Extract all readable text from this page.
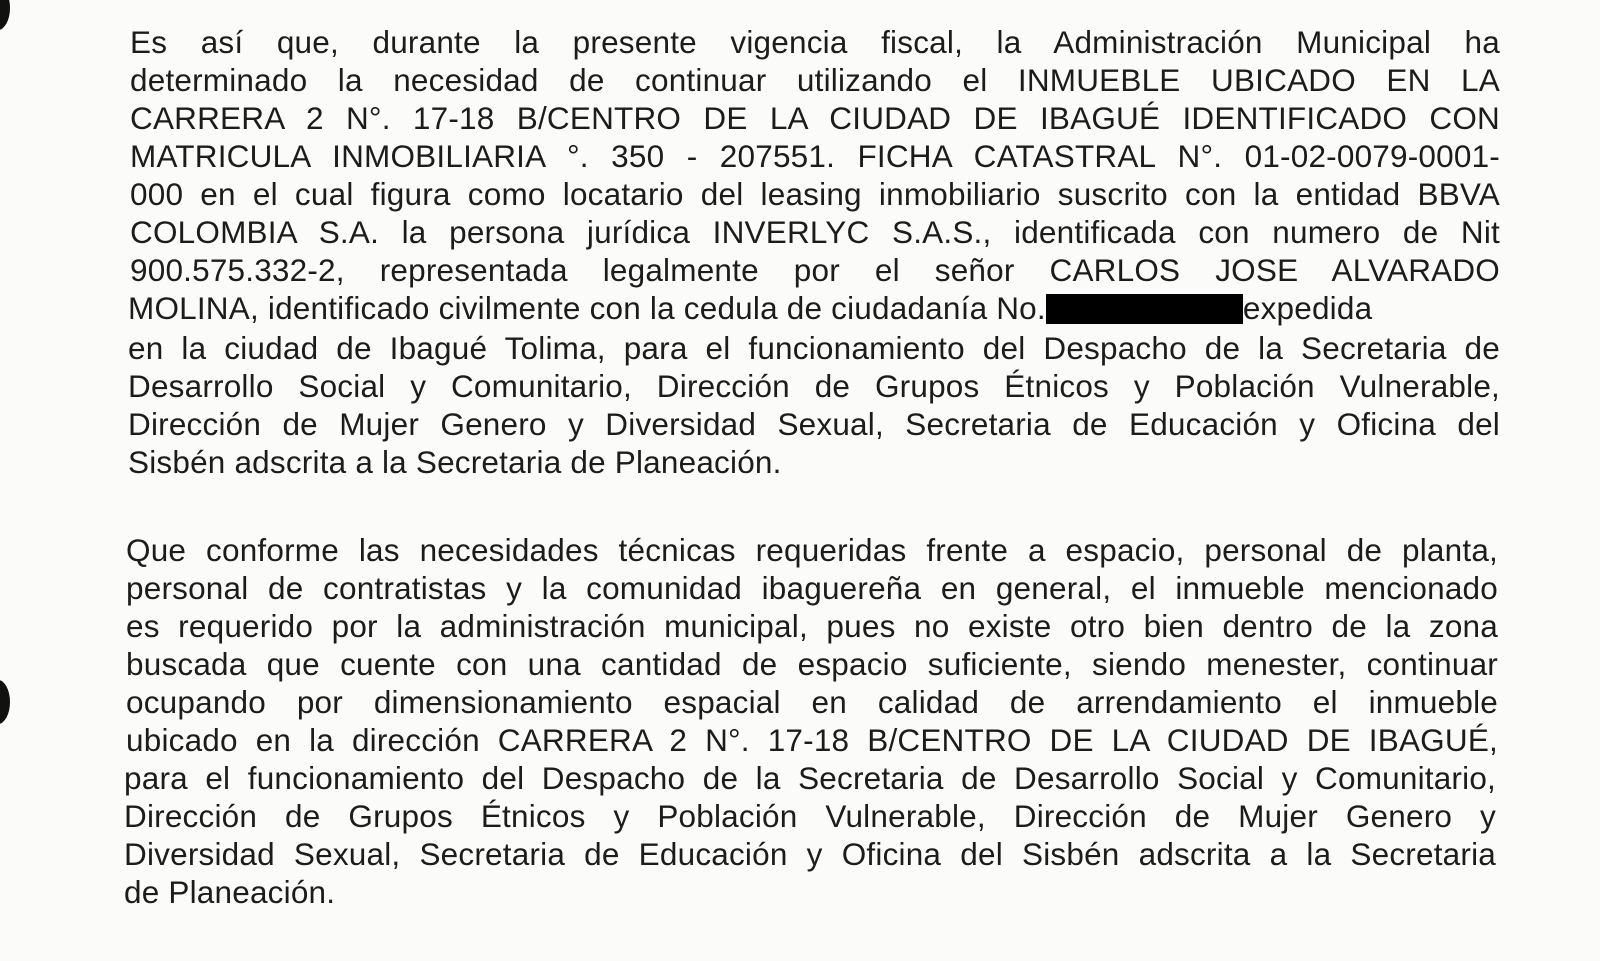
Es así que, durante la presente vigencia fiscal, la Administración Municipal ha
determinado la necesidad de continuar utilizando el INMUEBLE UBICADO EN LA
CARRERA 2 N°. 17-18 B/CENTRO DE LA CIUDAD DE IBAGUÉ IDENTIFICADO CON
MATRICULA INMOBILIARIA °. 350 - 207551. FICHA CATASTRAL N°. 01-02-0079-0001-
000 en el cual figura como locatario del leasing inmobiliario suscrito con la entidad BBVA
COLOMBIA S.A. la persona jurídica INVERLYC S.A.S., identificada con numero de Nit
900.575.332-2, representada legalmente por el señor CARLOS JOSE ALVARADO
MOLINA, identificado civilmente con la cedula de ciudadanía No.	expedida
en la ciudad de Ibagué Tolima, para el funcionamiento del Despacho de la Secretaria de
Desarrollo Social y Comunitario, Dirección de Grupos Étnicos y Población Vulnerable,
Dirección de Mujer Genero y Diversidad Sexual, Secretaria de Educación y Oficina del
Sisbén adscrita a la Secretaria de Planeación.
Que conforme las necesidades técnicas requeridas frente a espacio, personal de planta,
personal de contratistas y la comunidad ibaguereña en general, el inmueble mencionado
es requerido por la administración municipal, pues no existe otro bien dentro de la zona
buscada que cuente con una cantidad de espacio suficiente, siendo menester, continuar
ocupando por dimensionamiento espacial en calidad de arrendamiento el inmueble
ubicado en la dirección CARRERA 2 N°. 17-18 B/CENTRO DE LA CIUDAD DE IBAGUÉ,
para el funcionamiento del Despacho de la Secretaria de Desarrollo Social y Comunitario,
Dirección de Grupos Étnicos y Población Vulnerable, Dirección de Mujer Genero y
Diversidad Sexual, Secretaria de Educación y Oficina del Sisbén adscrita a la Secretaria
de Planeación.
